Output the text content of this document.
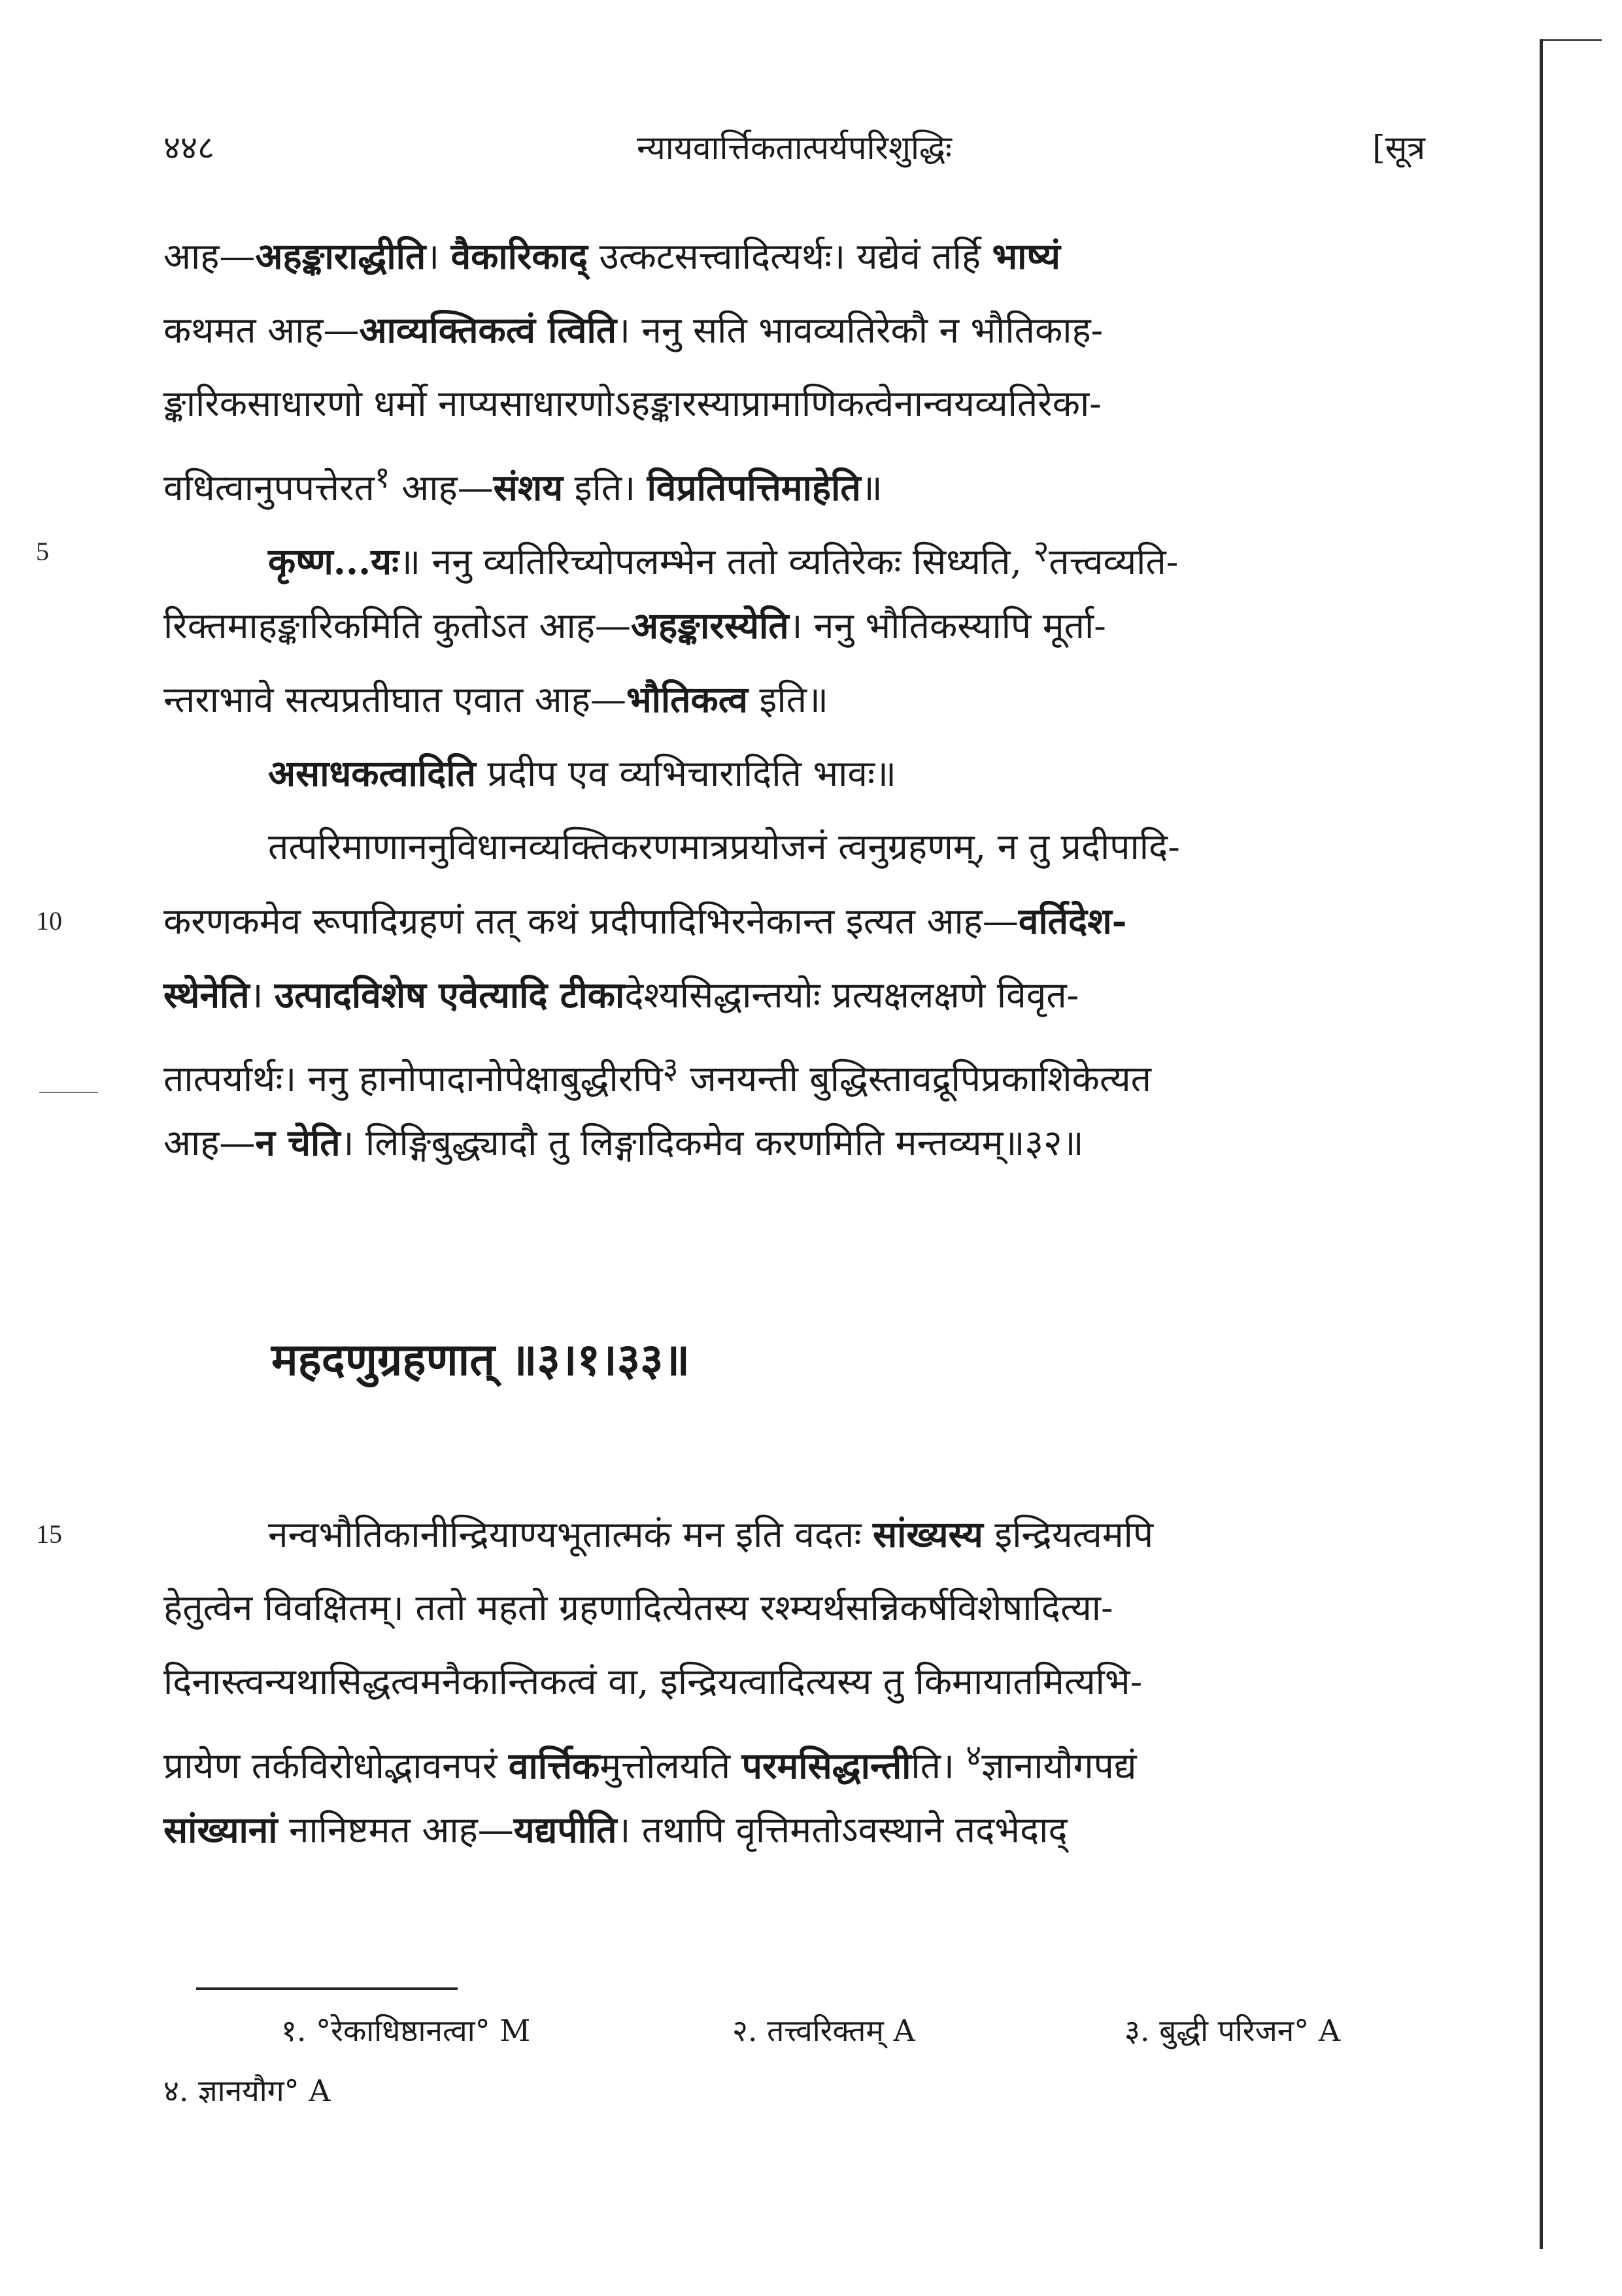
४४८	न्यायवार्त्तिकतात्पर्यपरिशुद्धिः	[सूत्र
आह—अहङ्काराद्धीति। वैकारिकाद् उत्कटसत्त्वादित्यर्थः। यद्येवं तर्हि भाष्यं
कथमत आह—आव्यक्तिकत्वं त्विति। ननु सति भावव्यतिरेकौ न भौतिकाह-
ङ्कारिकसाधारणो धर्मो नाप्यसाधारणोऽहङ्कारस्याप्रामाणिकत्वेनान्वयव्यतिरेका-
वधित्वानुपपत्तेरत$^१$ आह—संशय इति। विप्रतिपत्तिमाहेति॥
5	कृष्ण...यः॥ ननु व्यतिरिच्योपलम्भेन ततो व्यतिरेकः सिध्यति, $^२$तत्त्वव्यति-
रिक्तमाहङ्कारिकमिति कुतोऽत आह—अहङ्कारस्येति। ननु भौतिकस्यापि मूर्ता-
न्तराभावे सत्यप्रतीघात एवात आह—भौतिकत्व इति॥
असाधकत्वादिति प्रदीप एव व्यभिचारादिति भावः॥
तत्परिमाणाननुविधानव्यक्तिकरणमात्रप्रयोजनं त्वनुग्रहणम्, न तु प्रदीपादि-
10	करणकमेव रूपादिग्रहणं तत् कथं प्रदीपादिभिरनेकान्त इत्यत आह—वर्तिदेश-
स्थेनेति। उत्पादविशेष एवेत्यादि टीकादेश्यसिद्धान्तयोः प्रत्यक्षलक्षणे विवृत-
तात्पर्यार्थः। ननु हानोपादानोपेक्षाबुद्धीरपि$^३$ जनयन्ती बुद्धिस्तावद्रूपिप्रकाशिकेत्यत
आह—न चेति। लिङ्गिबुद्ध्यादौ तु लिङ्गादिकमेव करणमिति मन्तव्यम्॥३२॥
महदणुग्रहणात् ॥३।१।३३॥
15	नन्वभौतिकानीन्द्रियाण्यभूतात्मकं मन इति वदतः सांख्यस्य इन्द्रियत्वमपि
हेतुत्वेन विवक्षितम्। ततो महतो ग्रहणादित्येतस्य रश्म्यर्थसन्निकर्षविशेषादित्या-
दिनास्त्वन्यथासिद्धत्वमनैकान्तिकत्वं वा, इन्द्रियत्वादित्यस्य तु किमायातमित्यभि-
प्रायेण तर्कविरोधोद्भावनपरं वार्त्तिकमुत्तोलयति परमसिद्धान्तीति। $^४$ज्ञानायौगपद्यं
सांख्यानां नानिष्टमत आह—यद्यपीति। तथापि वृत्तिमतोऽवस्थाने तदभेदाद्
१. °रेकाधिष्ठानत्वा° M	२. तत्त्वरिक्तम् A	३. बुद्धी परिजन° A
४. ज्ञानयौग° A
